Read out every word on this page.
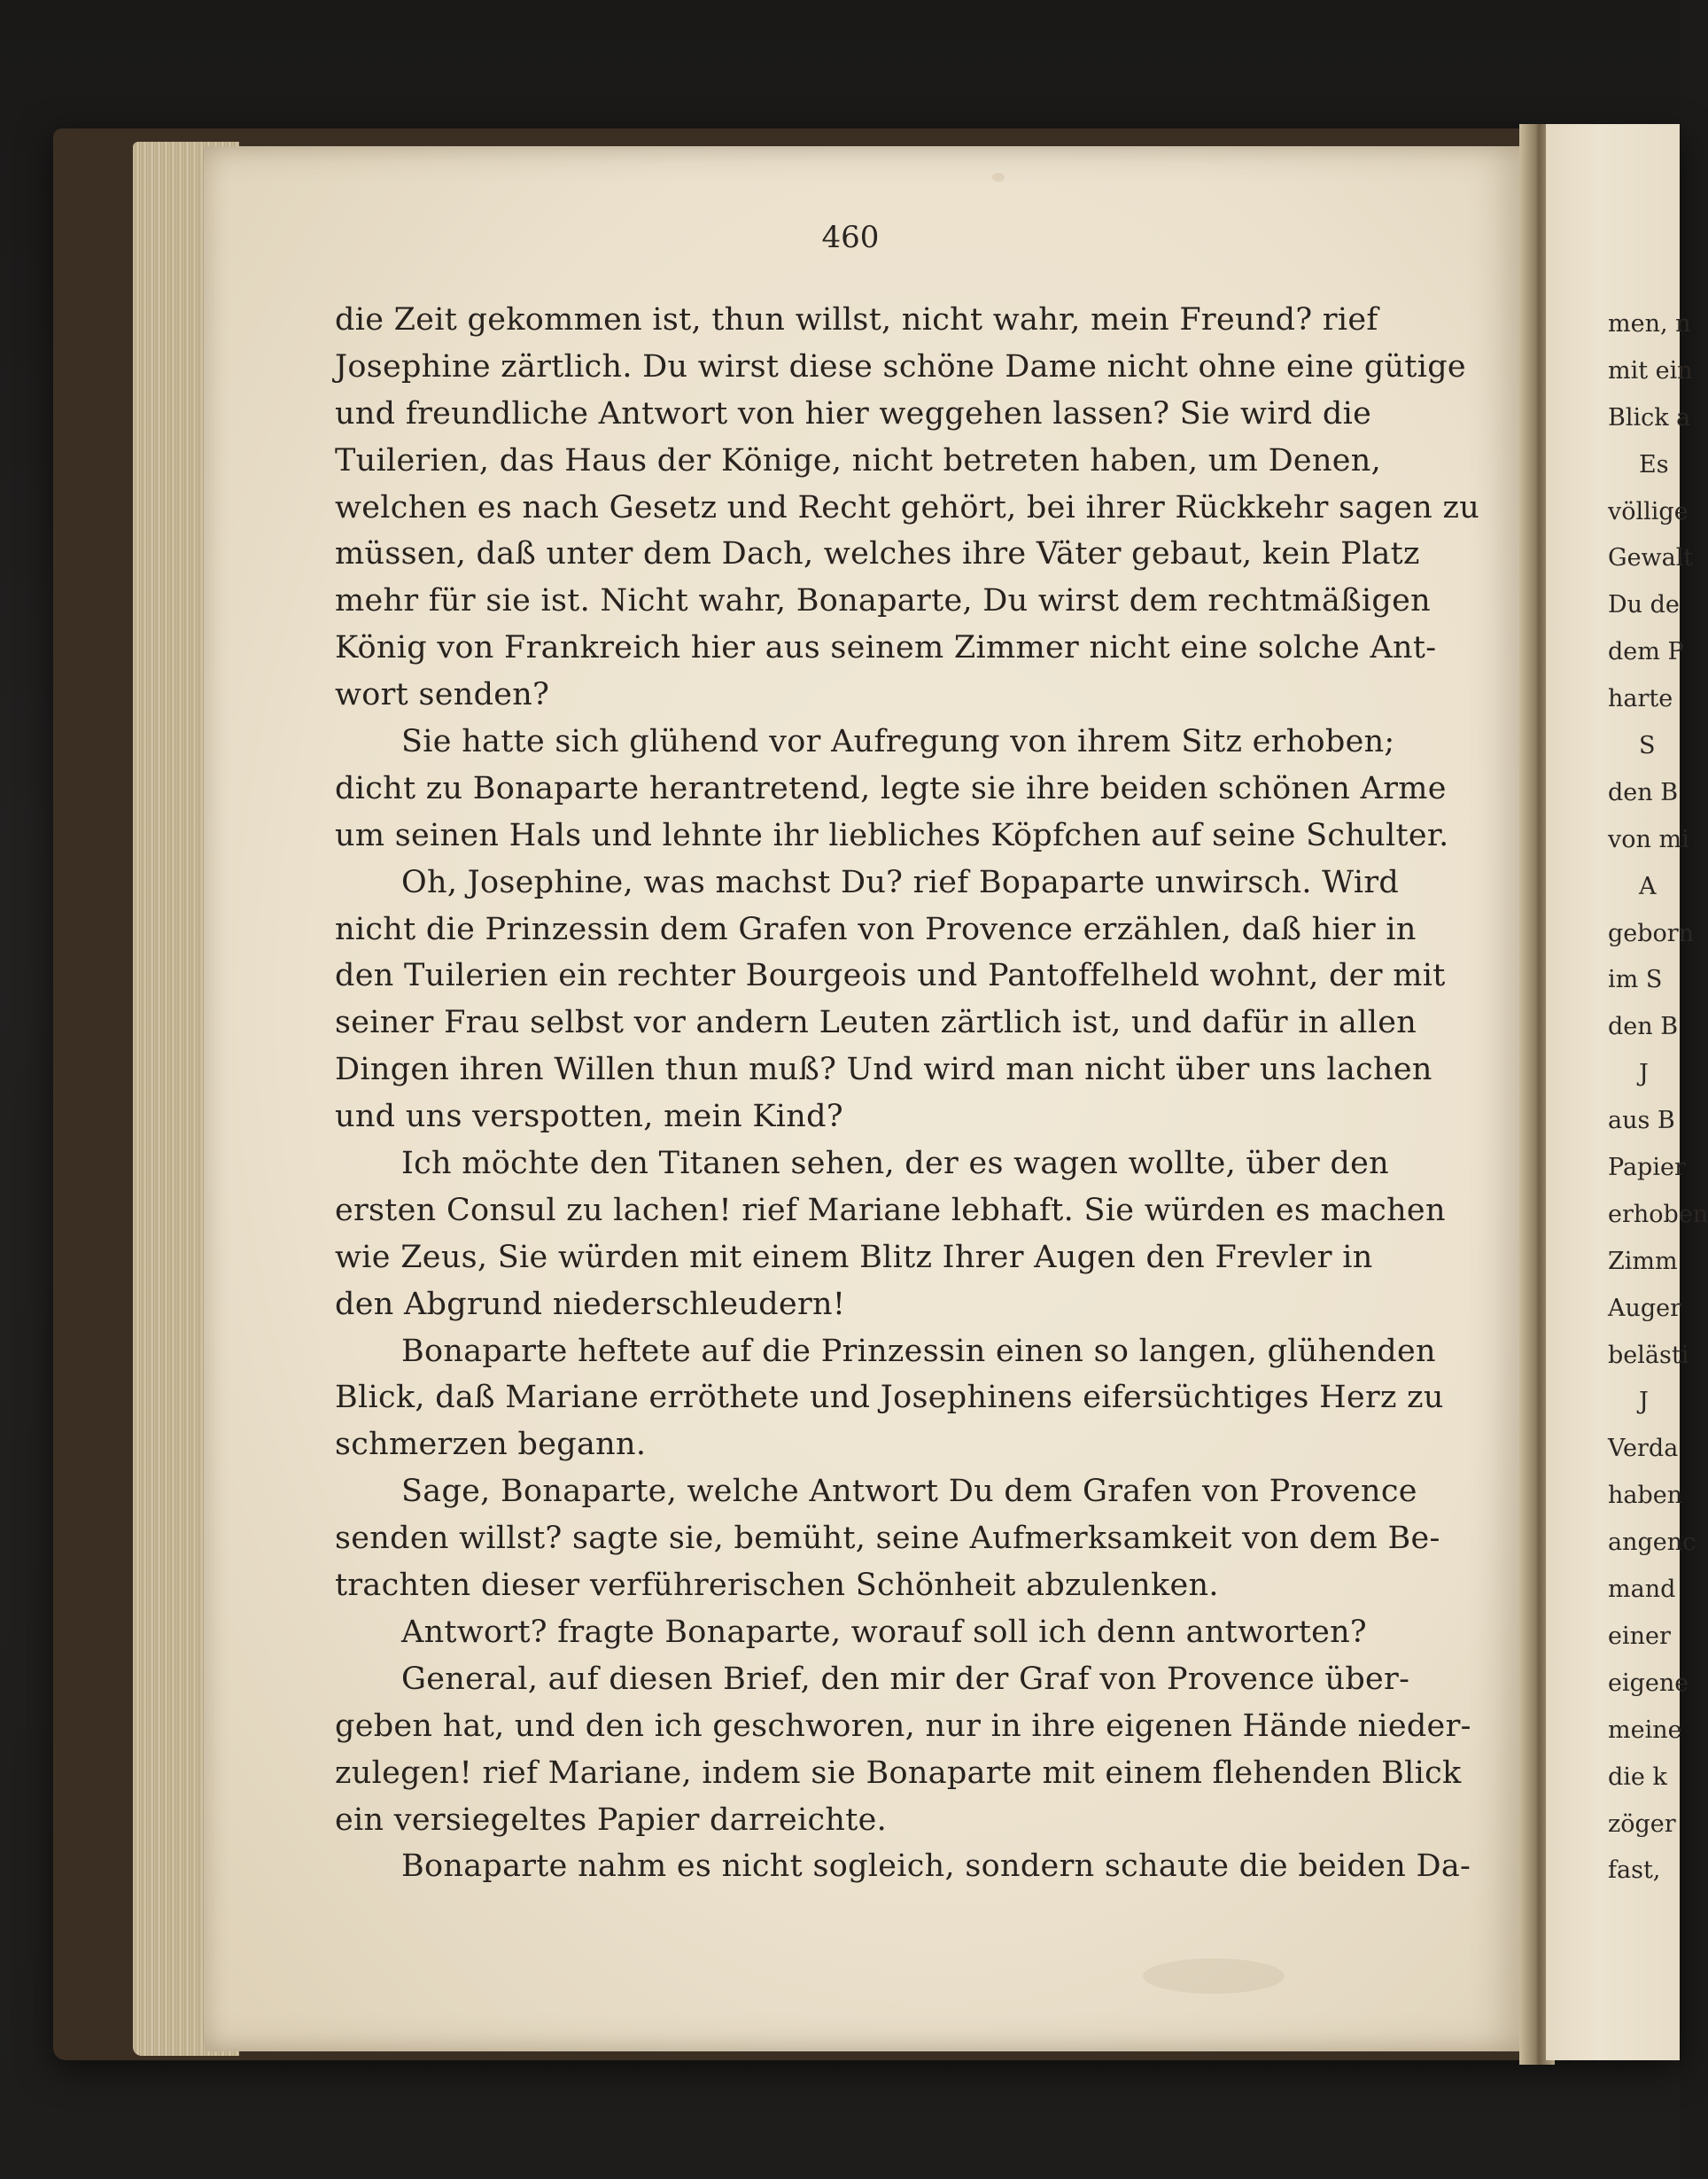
460
die Zeit gekommen ist, thun willst, nicht wahr, mein Freund? rief
Josephine zärtlich. Du wirst diese schöne Dame nicht ohne eine gütige
und freundliche Antwort von hier weggehen lassen? Sie wird die
Tuilerien, das Haus der Könige, nicht betreten haben, um Denen,
welchen es nach Gesetz und Recht gehört, bei ihrer Rückkehr sagen zu
müssen, daß unter dem Dach, welches ihre Väter gebaut, kein Platz
mehr für sie ist. Nicht wahr, Bonaparte, Du wirst dem rechtmäßigen
König von Frankreich hier aus seinem Zimmer nicht eine solche Ant-
wort senden?
Sie hatte sich glühend vor Aufregung von ihrem Sitz erhoben;
dicht zu Bonaparte herantretend, legte sie ihre beiden schönen Arme
um seinen Hals und lehnte ihr liebliches Köpfchen auf seine Schulter.
Oh, Josephine, was machst Du? rief Bopaparte unwirsch. Wird
nicht die Prinzessin dem Grafen von Provence erzählen, daß hier in
den Tuilerien ein rechter Bourgeois und Pantoffelheld wohnt, der mit
seiner Frau selbst vor andern Leuten zärtlich ist, und dafür in allen
Dingen ihren Willen thun muß? Und wird man nicht über uns lachen
und uns verspotten, mein Kind?
Ich möchte den Titanen sehen, der es wagen wollte, über den
ersten Consul zu lachen! rief Mariane lebhaft. Sie würden es machen
wie Zeus, Sie würden mit einem Blitz Ihrer Augen den Frevler in
den Abgrund niederschleudern!
Bonaparte heftete auf die Prinzessin einen so langen, glühenden
Blick, daß Mariane erröthete und Josephinens eifersüchtiges Herz zu
schmerzen begann.
Sage, Bonaparte, welche Antwort Du dem Grafen von Provence
senden willst? sagte sie, bemüht, seine Aufmerksamkeit von dem Be-
trachten dieser verführerischen Schönheit abzulenken.
Antwort? fragte Bonaparte, worauf soll ich denn antworten?
General, auf diesen Brief, den mir der Graf von Provence über-
geben hat, und den ich geschworen, nur in ihre eigenen Hände nieder-
zulegen! rief Mariane, indem sie Bonaparte mit einem flehenden Blick
ein versiegeltes Papier darreichte.
Bonaparte nahm es nicht sogleich, sondern schaute die beiden Da-
men, n
mit ein
Blick a
Es
völlige
Gewalt
Du de
dem P
harte
S
den B
von mi
A
geborn
im S
den B
J
aus B
Papier
erhoben
Zimm
Auger
belästi
J
Verda
haben
angenc
mand
einer
eigene
meine
die k
zöger
fast,
